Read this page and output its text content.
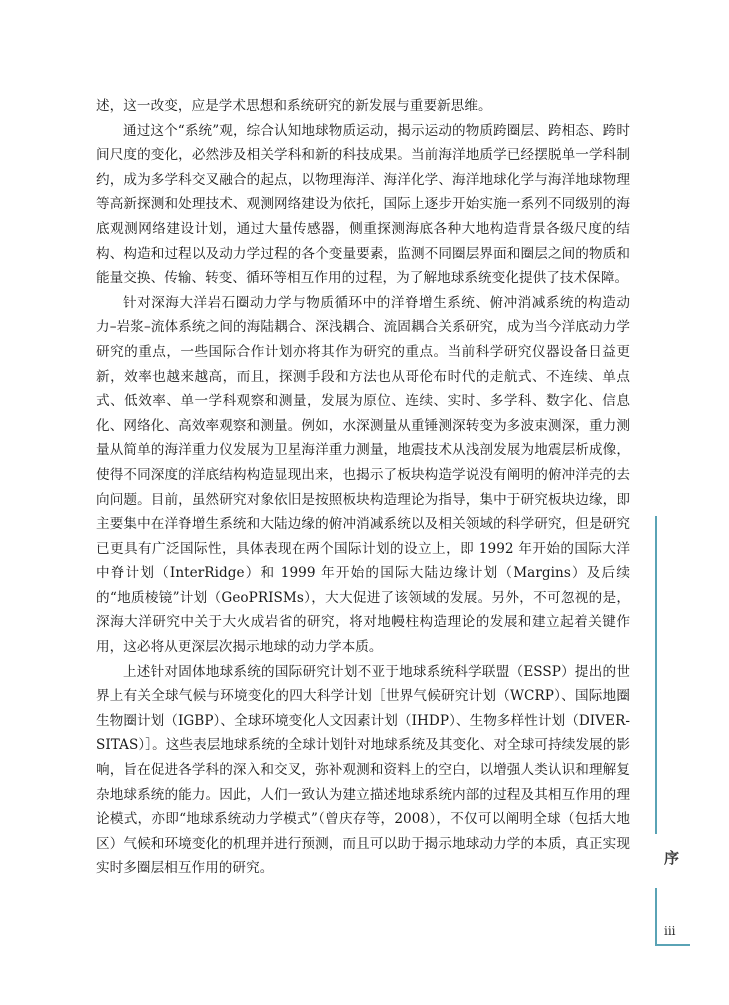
述，这一改变，应是学术思想和系统研究的新发展与重要新思维。

通过这个“系统”观，综合认知地球物质运动，揭示运动的物质跨圈层、跨相态、跨时间尺度的变化，必然涉及相关学科和新的科技成果。当前海洋地质学已经摆脱单一学科制约，成为多学科交叉融合的起点，以物理海洋、海洋化学、海洋地球化学与海洋地球物理等高新探测和处理技术、观测网络建设为依托，国际上逐步开始实施一系列不同级别的海底观测网络建设计划，通过大量传感器，侧重探测海底各种大地构造背景各级尺度的结构、构造和过程以及动力学过程的各个变量要素，监测不同圈层界面和圈层之间的物质和能量交换、传输、转变、循环等相互作用的过程，为了解地球系统变化提供了技术保障。

针对深海大洋岩石圈动力学与物质循环中的洋脊增生系统、俯冲消减系统的构造动力–岩浆–流体系统之间的海陆耦合、深浅耦合、流固耦合关系研究，成为当今洋底动力学研究的重点，一些国际合作计划亦将其作为研究的重点。当前科学研究仪器设备日益更新，效率也越来越高，而且，探测手段和方法也从哥伦布时代的走航式、不连续、单点式、低效率、单一学科观察和测量，发展为原位、连续、实时、多学科、数字化、信息化、网络化、高效率观察和测量。例如，水深测量从重锤测深转变为多波束测深，重力测量从简单的海洋重力仪发展为卫星海洋重力测量，地震技术从浅剖发展为地震层析成像，使得不同深度的洋底结构构造显现出来，也揭示了板块构造学说没有阐明的俯冲洋壳的去向问题。目前，虽然研究对象依旧是按照板块构造理论为指导，集中于研究板块边缘，即主要集中在洋脊增生系统和大陆边缘的俯冲消减系统以及相关领域的科学研究，但是研究已更具有广泛国际性，具体表现在两个国际计划的设立上，即 1992 年开始的国际大洋中脊计划（InterRidge）和 1999 年开始的国际大陆边缘计划（Margins）及后续的“地质棱镜”计划（GeoPRISMs），大大促进了该领域的发展。另外，不可忽视的是，深海大洋研究中关于大火成岩省的研究，将对地幔柱构造理论的发展和建立起着关键作用，这必将从更深层次揭示地球的动力学本质。

上述针对固体地球系统的国际研究计划不亚于地球系统科学联盟（ESSP）提出的世界上有关全球气候与环境变化的四大科学计划［世界气候研究计划（WCRP）、国际地圈生物圈计划（IGBP）、全球环境变化人文因素计划（IHDP）、生物多样性计划（DIVER-SITAS）］。这些表层地球系统的全球计划针对地球系统及其变化、对全球可持续发展的影响，旨在促进各学科的深入和交叉，弥补观测和资料上的空白，以增强人类认识和理解复杂地球系统的能力。因此，人们一致认为建立描述地球系统内部的过程及其相互作用的理论模式，亦即“地球系统动力学模式”（曾庆存等，2008），不仅可以阐明全球（包括大地区）气候和环境变化的机理并进行预测，而且可以助于揭示地球动力学的本质，真正实现实时多圈层相互作用的研究。

序
iii
